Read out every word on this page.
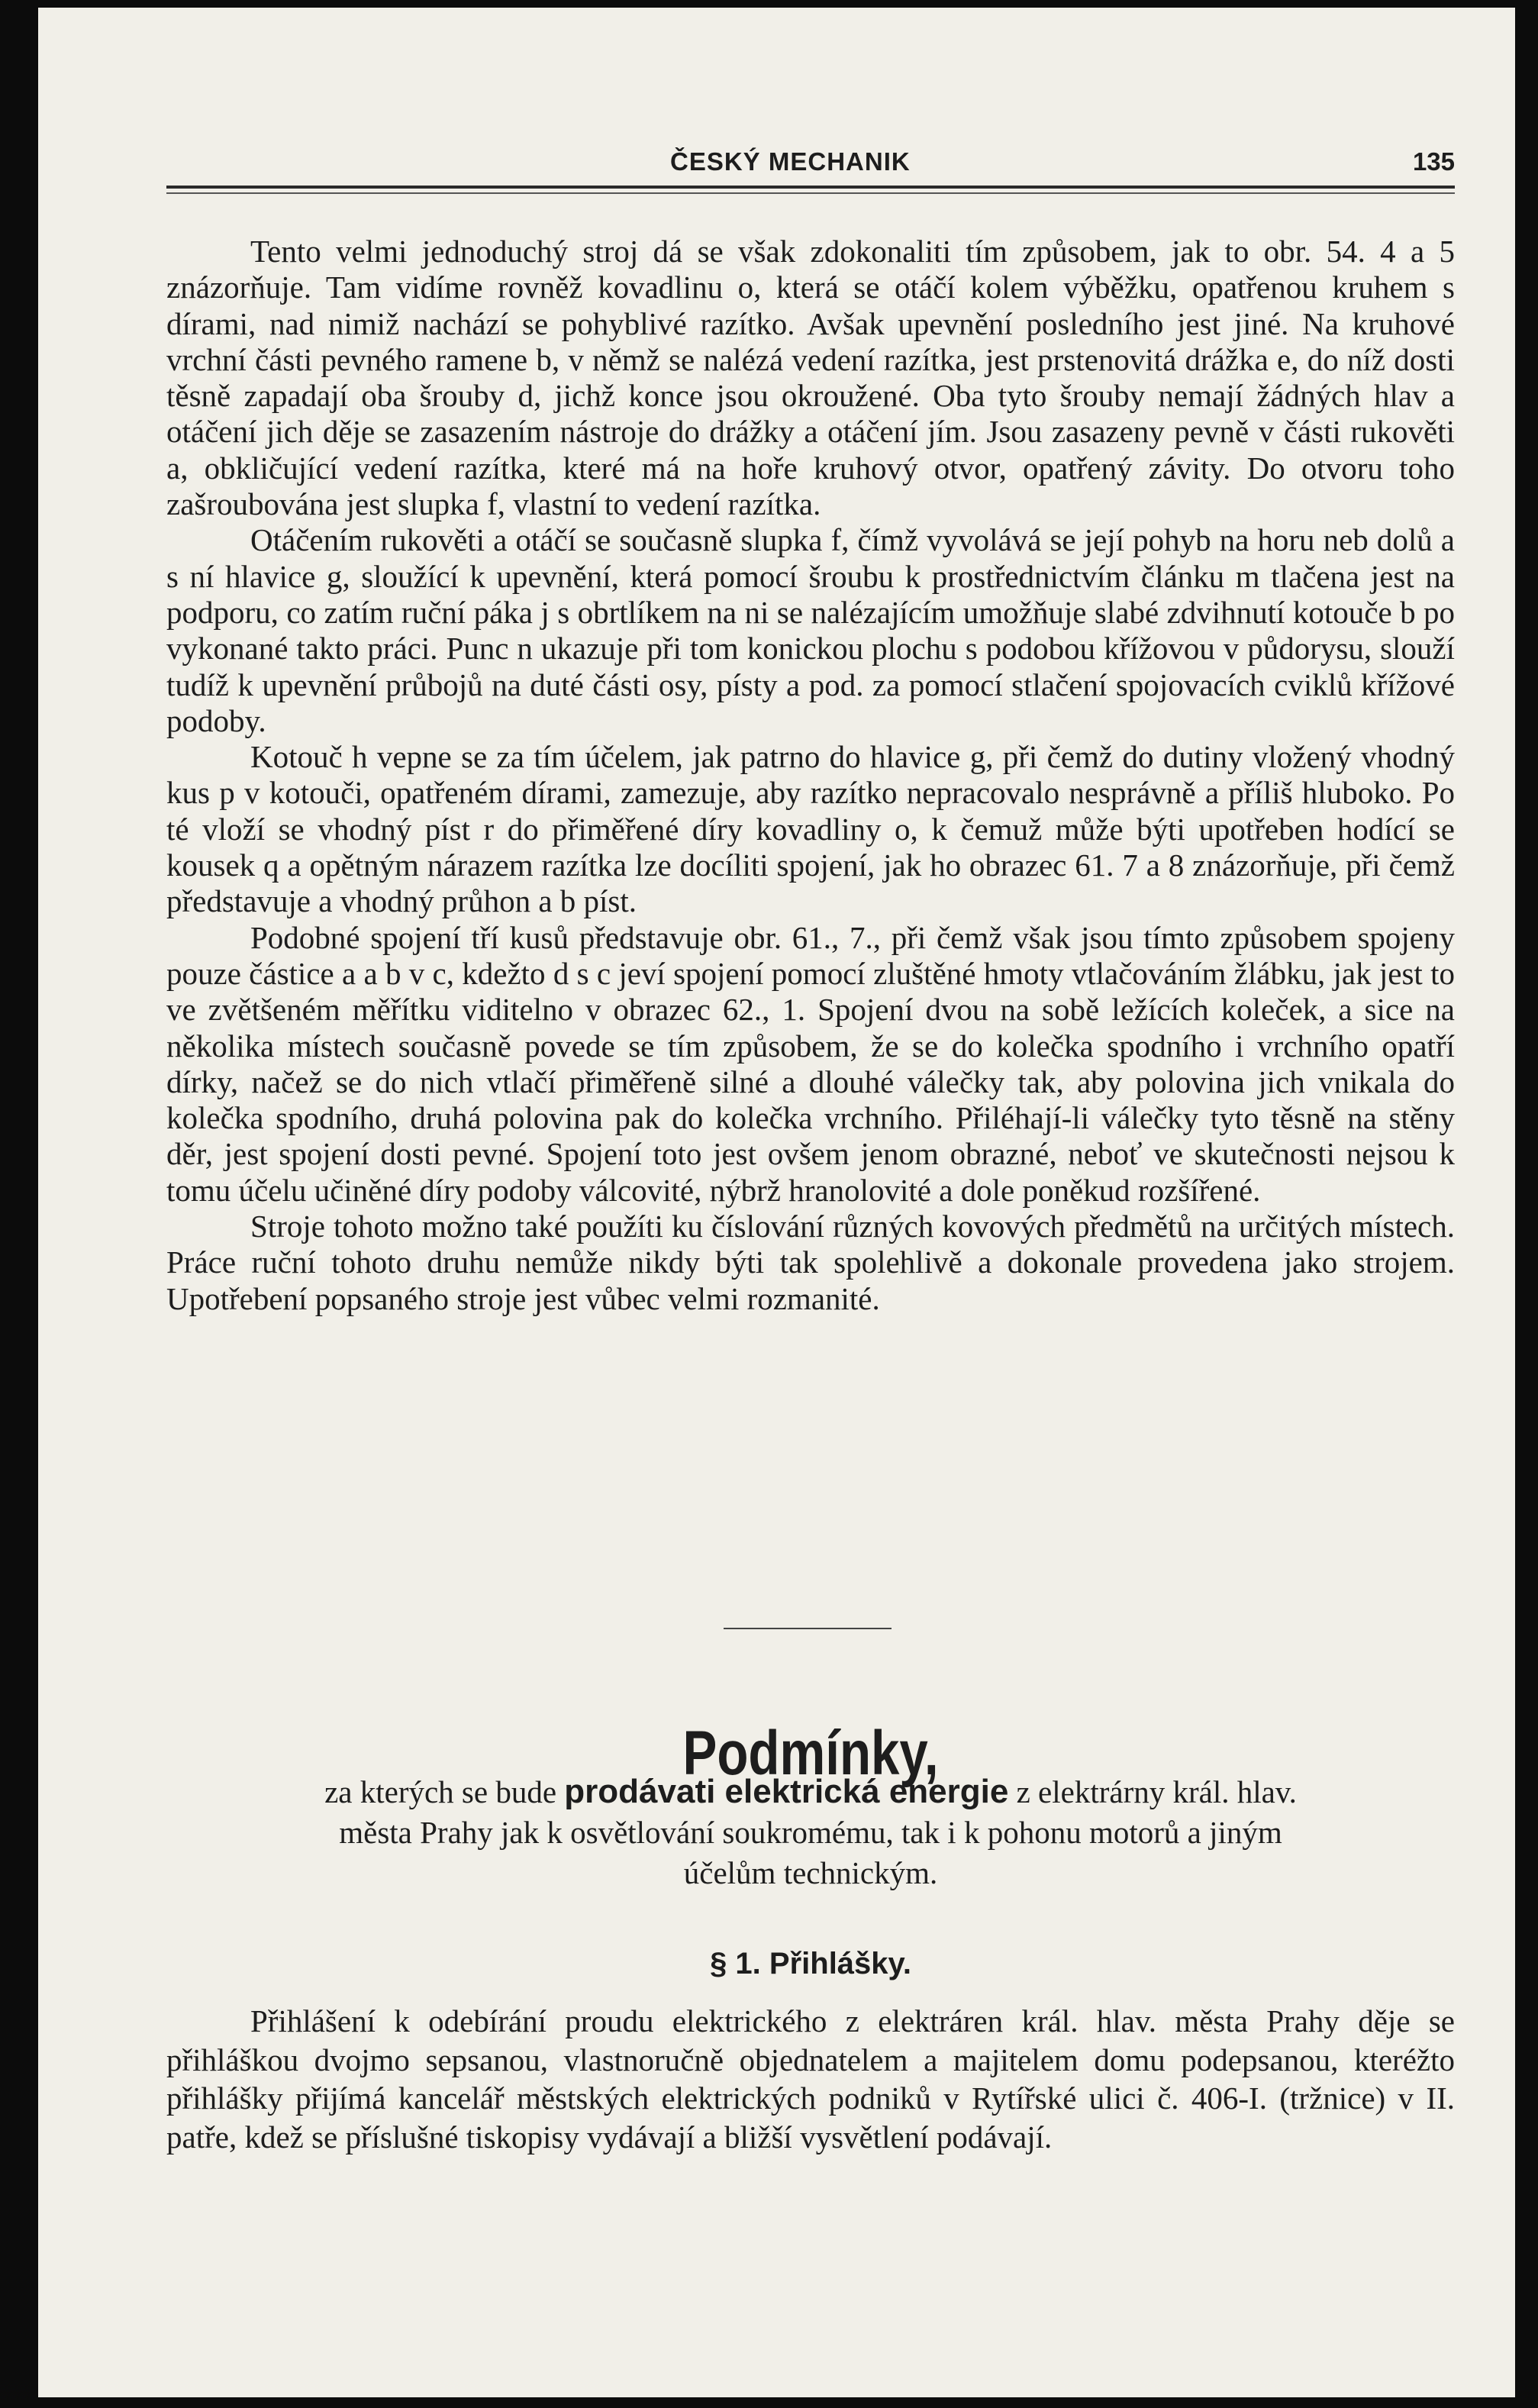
ČESKÝ MECHANIK	135

Tento velmi jednoduchý stroj dá se však zdokonaliti tím způsobem, jak to obr. 54. 4 a 5 znázorňuje. Tam vidíme rovněž kovadlinu o, která se otáčí kolem výběžku, opatřenou kruhem s dírami, nad nimiž nachází se pohyblivé razítko. Avšak upevnění posledního jest jiné. Na kruhové vrchní části pevného ramene b, v němž se nalézá vedení razítka, jest prstenovitá drážka e, do níž dosti těsně zapadají oba šrouby d, jichž konce jsou okroužené. Oba tyto šrouby nemají žádných hlav a otáčení jich děje se zasazením nástroje do drážky a otáčení jím. Jsou zasazeny pevně v části rukověti a, obkličující vedení razítka, které má na hoře kruhový otvor, opatřený závity. Do otvoru toho zašroubována jest slupka f, vlastní to vedení razítka.

Otáčením rukověti a otáčí se současně slupka f, čímž vyvolává se její pohyb na horu neb dolů a s ní hlavice g, sloužící k upevnění, která pomocí šroubu k prostřednictvím článku m tlačena jest na podporu, co zatím ruční páka j s obrtlíkem na ni se nalézajícím umožňuje slabé zdvihnutí kotouče b po vykonané takto práci. Punc n ukazuje při tom konickou plochu s podobou křížovou v půdorysu, slouží tudíž k upevnění průbojů na duté části osy, písty a pod. za pomocí stlačení spojovacích cviklů křížové podoby.

Kotouč h vepne se za tím účelem, jak patrno do hlavice g, při čemž do dutiny vložený vhodný kus p v kotouči, opatřeném dírami, zamezuje, aby razítko nepracovalo nesprávně a příliš hluboko. Po té vloží se vhodný píst r do přiměřené díry kovadliny o, k čemuž může býti upotřeben hodící se kousek q a opětným nárazem razítka lze docíliti spojení, jak ho obrazec 61. 7 a 8 znázorňuje, při čemž představuje a vhodný průhon a b píst.

Podobné spojení tří kusů představuje obr. 61., 7., při čemž však jsou tímto způsobem spojeny pouze částice a a b v c, kdežto d s c jeví spojení pomocí zluštěné hmoty vtlačováním žlábku, jak jest to ve zvětšeném měřítku viditelno v obrazec 62., 1. Spojení dvou na sobě ležících koleček, a sice na několika místech současně povede se tím způsobem, že se do kolečka spodního i vrchního opatří dírky, načež se do nich vtlačí přiměřeně silné a dlouhé válečky tak, aby polovina jich vnikala do kolečka spodního, druhá polovina pak do kolečka vrchního. Přiléhají-li válečky tyto těsně na stěny děr, jest spojení dosti pevné. Spojení toto jest ovšem jenom obrazné, neboť ve skutečnosti nejsou k tomu účelu učiněné díry podoby válcovité, nýbrž hranolovité a dole poněkud rozšířené.

Stroje tohoto možno také použíti ku číslování různých kovových předmětů na určitých místech. Práce ruční tohoto druhu nemůže nikdy býti tak spolehlivě a dokonale provedena jako strojem. Upotřebení popsaného stroje jest vůbec velmi rozmanité.

Podmínky,

za kterých se bude prodávati elektrická energie z elektrárny král. hlav.

města Prahy jak k osvětlování soukromému, tak i k pohonu motorů a jiným

účelům technickým.

§ 1. Přihlášky.

Přihlášení k odebírání proudu elektrického z elektráren král. hlav. města Prahy děje se přihláškou dvojmo sepsanou, vlastnoručně objednatelem a majitelem domu podepsanou, kteréžto přihlášky přijímá kancelář městských elektrických podniků v Rytířské ulici č. 406-I. (tržnice) v II. patře, kdež se příslušné tiskopisy vydávají a bližší vysvětlení podávají.
